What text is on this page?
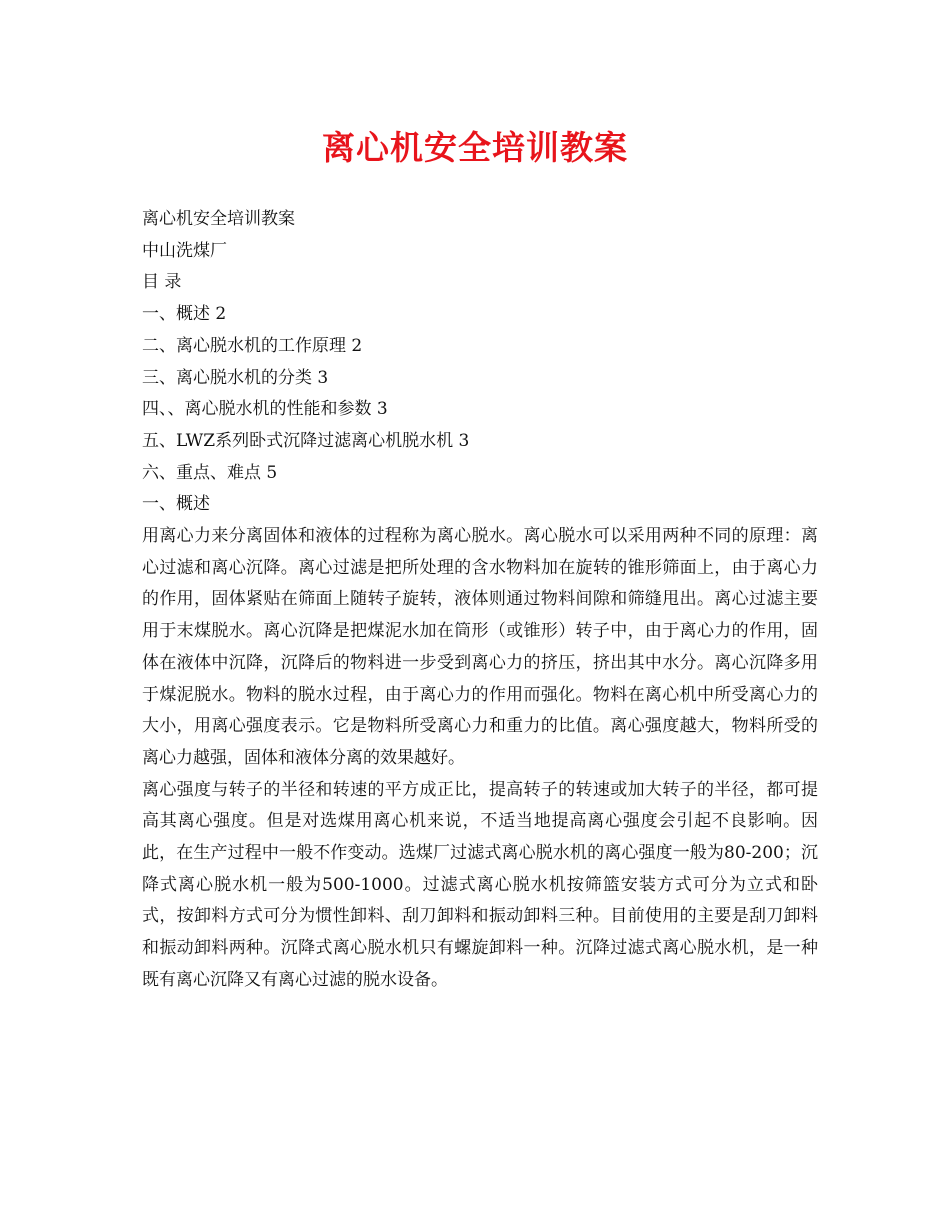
离心机安全培训教案

离心机安全培训教案

中山洗煤厂

目 录

一、概述 2

二、离心脱水机的工作原理 2

三、离心脱水机的分类 3

四、、离心脱水机的性能和参数 3

五、LWZ系列卧式沉降过滤离心机脱水机 3

六、重点、难点 5

一、概述

用离心力来分离固体和液体的过程称为离心脱水。离心脱水可以采用两种不同的原理：离心过滤和离心沉降。离心过滤是把所处理的含水物料加在旋转的锥形筛面上，由于离心力的作用，固体紧贴在筛面上随转子旋转，液体则通过物料间隙和筛缝甩出。离心过滤主要用于末煤脱水。离心沉降是把煤泥水加在筒形（或锥形）转子中，由于离心力的作用，固体在液体中沉降，沉降后的物料进一步受到离心力的挤压，挤出其中水分。离心沉降多用于煤泥脱水。物料的脱水过程，由于离心力的作用而强化。物料在离心机中所受离心力的大小，用离心强度表示。它是物料所受离心力和重力的比值。离心强度越大，物料所受的离心力越强，固体和液体分离的效果越好。

离心强度与转子的半径和转速的平方成正比，提高转子的转速或加大转子的半径，都可提高其离心强度。但是对选煤用离心机来说，不适当地提高离心强度会引起不良影响。因此，在生产过程中一般不作变动。选煤厂过滤式离心脱水机的离心强度一般为80-200；沉降式离心脱水机一般为500-1000。过滤式离心脱水机按筛篮安装方式可分为立式和卧式，按卸料方式可分为惯性卸料、刮刀卸料和振动卸料三种。目前使用的主要是刮刀卸料和振动卸料两种。沉降式离心脱水机只有螺旋卸料一种。沉降过滤式离心脱水机，是一种既有离心沉降又有离心过滤的脱水设备。
